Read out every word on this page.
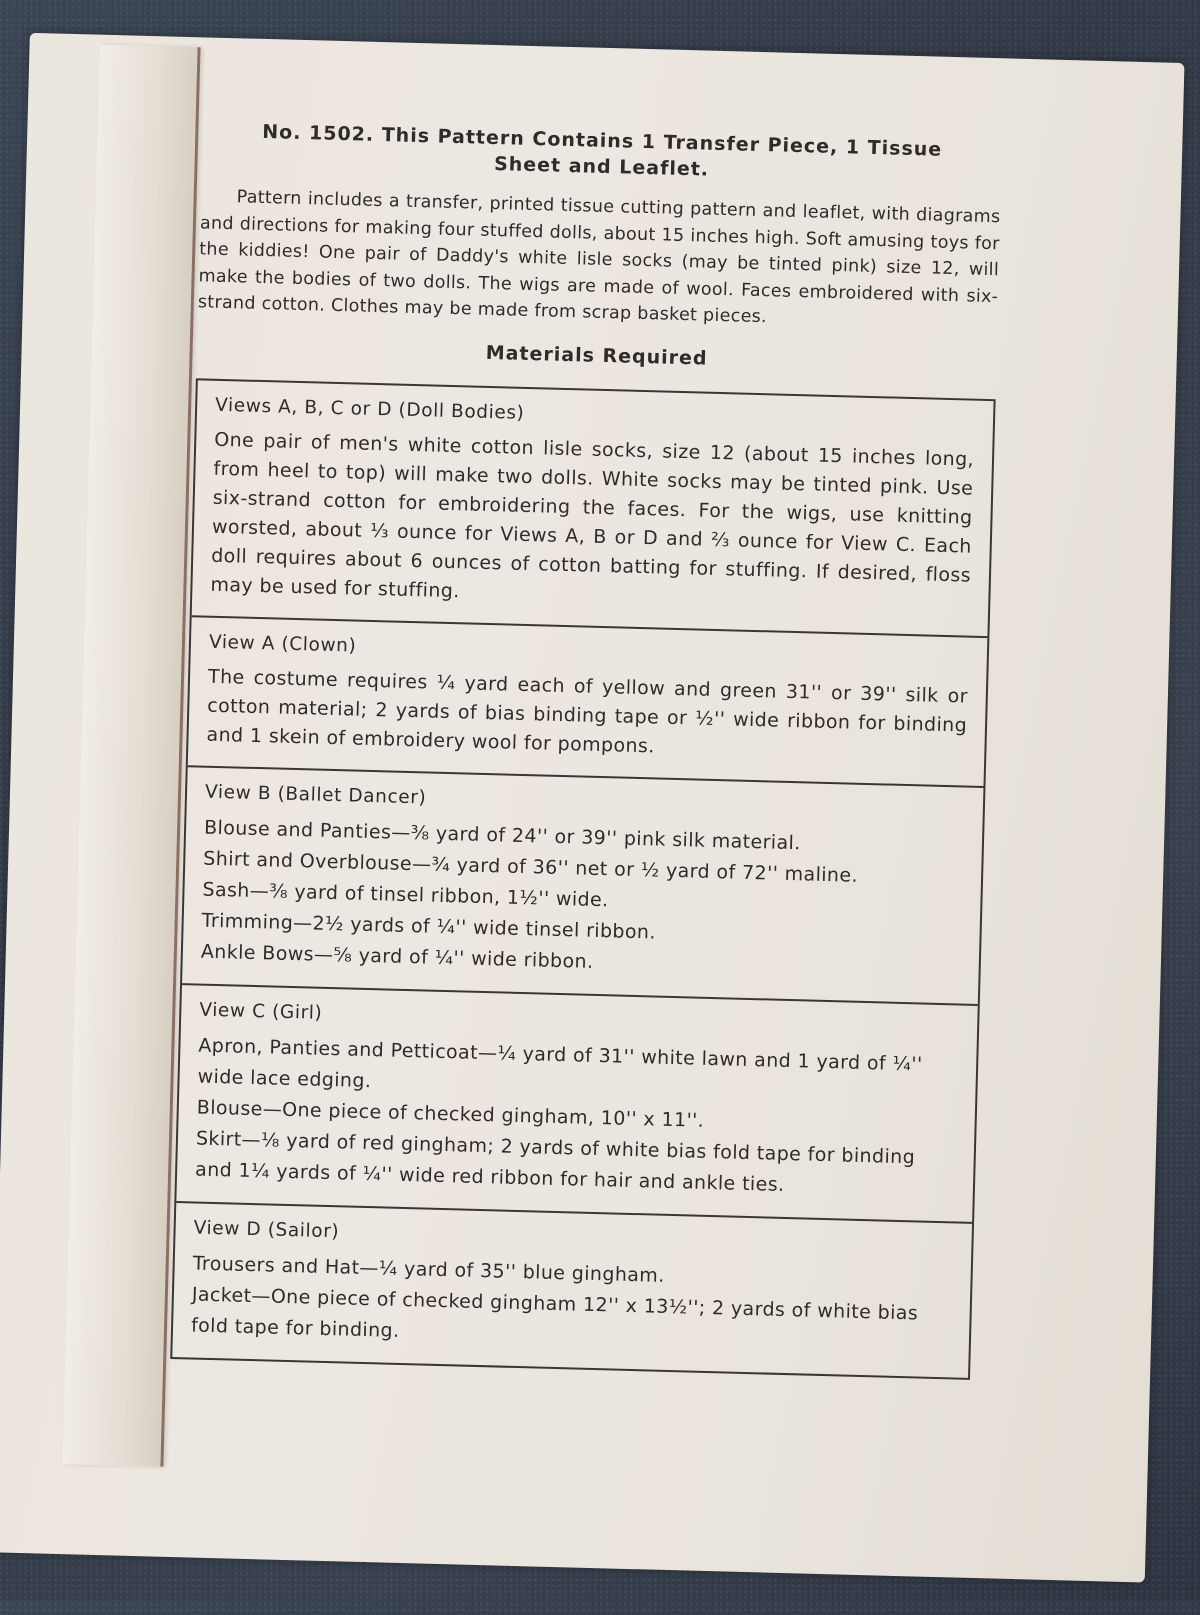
No. 1502. This Pattern Contains 1 Transfer Piece, 1 Tissue
Sheet and Leaflet.
Pattern includes a transfer, printed tissue cutting pattern and leaflet, with diagrams and directions for making four stuffed dolls, about 15 inches high. Soft amusing toys for the kiddies! One pair of Daddy's white lisle socks (may be tinted pink) size 12, will make the bodies of two dolls. The wigs are made of wool. Faces embroidered with six-strand cotton. Clothes may be made from scrap basket pieces.
Materials Required
Views A, B, C or D (Doll Bodies)
One pair of men's white cotton lisle socks, size 12 (about 15 inches long, from heel to top) will make two dolls. White socks may be tinted pink. Use six-strand cotton for embroidering the faces. For the wigs, use knitting worsted, about ⅓ ounce for Views A, B or D and ⅔ ounce for View C. Each doll requires about 6 ounces of cotton batting for stuffing. If desired, floss may be used for stuffing.
View A (Clown)
The costume requires ¼ yard each of yellow and green 31'' or 39'' silk or cotton material; 2 yards of bias binding tape or ½'' wide ribbon for binding and 1 skein of embroidery wool for pompons.
View B (Ballet Dancer)
Blouse and Panties—⅜ yard of 24'' or 39'' pink silk material.
Shirt and Overblouse—¾ yard of 36'' net or ½ yard of 72'' maline.
Sash—⅜ yard of tinsel ribbon, 1½'' wide.
Trimming—2½ yards of ¼'' wide tinsel ribbon.
Ankle Bows—⅝ yard of ¼'' wide ribbon.
View C (Girl)
Apron, Panties and Petticoat—¼ yard of 31'' white lawn and 1 yard of ¼'' wide lace edging.
Blouse—One piece of checked gingham, 10'' x 11''.
Skirt—⅛ yard of red gingham; 2 yards of white bias fold tape for binding and 1¼ yards of ¼'' wide red ribbon for hair and ankle ties.
View D (Sailor)
Trousers and Hat—¼ yard of 35'' blue gingham.
Jacket—One piece of checked gingham 12'' x 13½''; 2 yards of white bias fold tape for binding.
